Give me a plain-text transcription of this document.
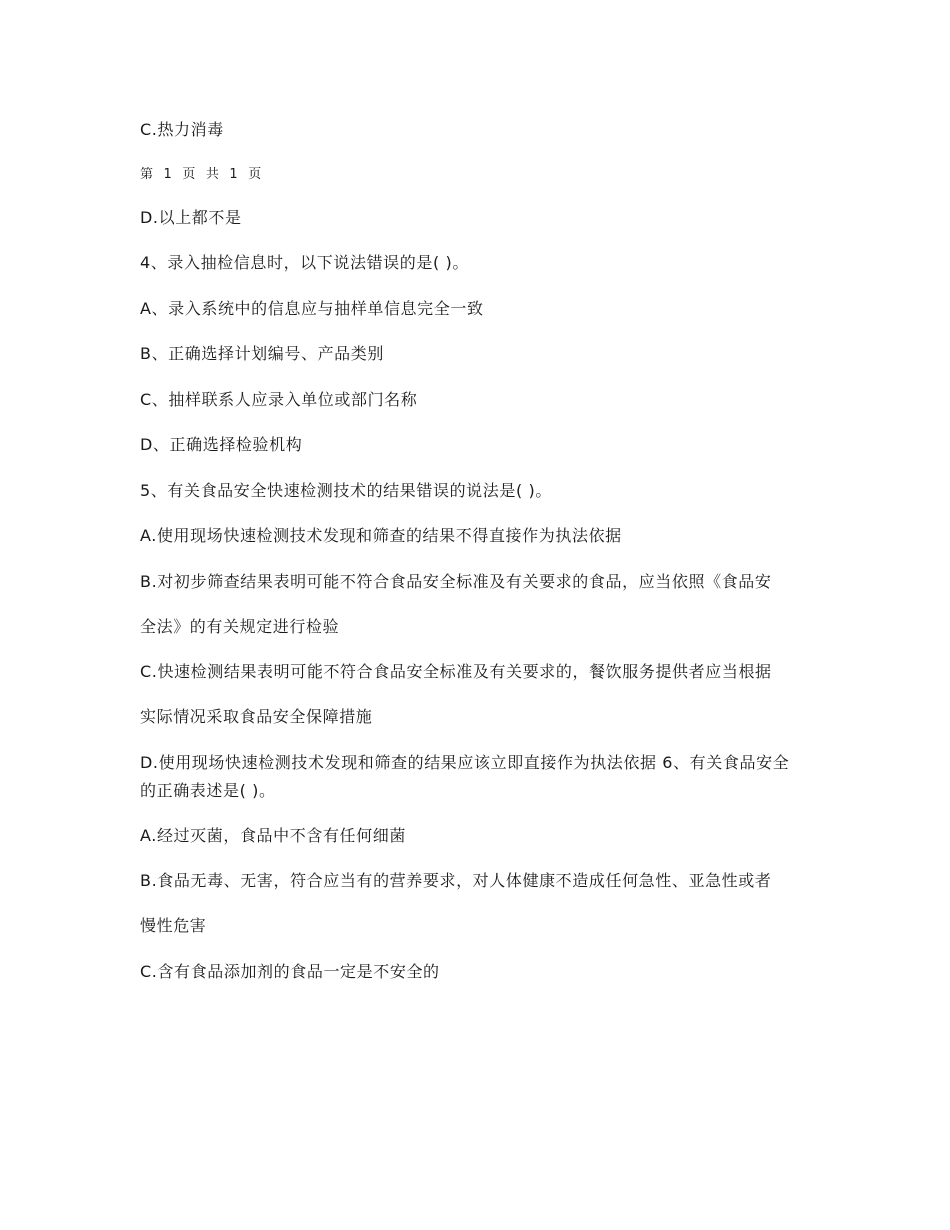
C.热力消毒

第 1 页 共 1 页

D.以上都不是

4、录入抽检信息时，以下说法错误的是( )。

A、录入系统中的信息应与抽样单信息完全一致

B、正确选择计划编号、产品类别

C、抽样联系人应录入单位或部门名称

D、正确选择检验机构

5、有关食品安全快速检测技术的结果错误的说法是( )。

A.使用现场快速检测技术发现和筛查的结果不得直接作为执法依据

B.对初步筛查结果表明可能不符合食品安全标准及有关要求的食品，应当依照《食品安

全法》的有关规定进行检验

C.快速检测结果表明可能不符合食品安全标准及有关要求的，餐饮服务提供者应当根据

实际情况采取食品安全保障措施

D.使用现场快速检测技术发现和筛查的结果应该立即直接作为执法依据 6、有关食品安全的正确表述是( )。

A.经过灭菌，食品中不含有任何细菌

B.食品无毒、无害，符合应当有的营养要求，对人体健康不造成任何急性、亚急性或者

慢性危害

C.含有食品添加剂的食品一定是不安全的
